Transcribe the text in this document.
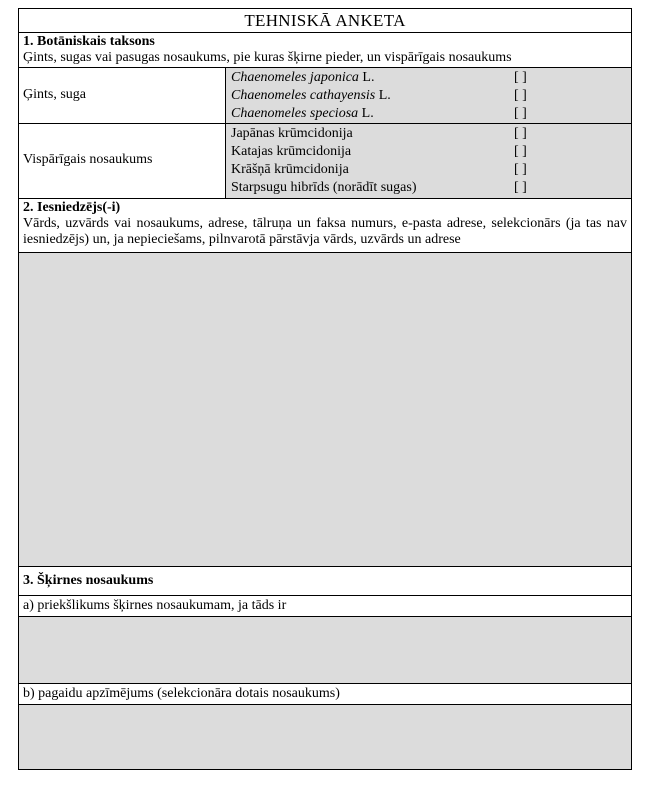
TEHNISKĀ ANKETA
1. Botāniskais taksons
Ģints, sugas vai pasugas nosaukums, pie kuras šķirne pieder, un vispārīgais nosaukums
Ģints, suga
Chaenomeles japonica L.	[ ]
Chaenomeles cathayensis L.	[ ]
Chaenomeles speciosa L.	[ ]
Vispārīgais nosaukums
Japānas krūmcidonija	[ ]
Katajas krūmcidonija	[ ]
Krāšņā krūmcidonija	[ ]
Starpsugu hibrīds (norādīt sugas)	[ ]
2. Iesniedzējs(-i)
Vārds, uzvārds vai nosaukums, adrese, tālruņa un faksa numurs, e-pasta adrese, selekcionārs (ja tas nav iesniedzējs) un, ja nepieciešams, pilnvarotā pārstāvja vārds, uzvārds un adrese
3. Šķirnes nosaukums
a) priekšlikums šķirnes nosaukumam, ja tāds ir
b) pagaidu apzīmējums (selekcionāra dotais nosaukums)
